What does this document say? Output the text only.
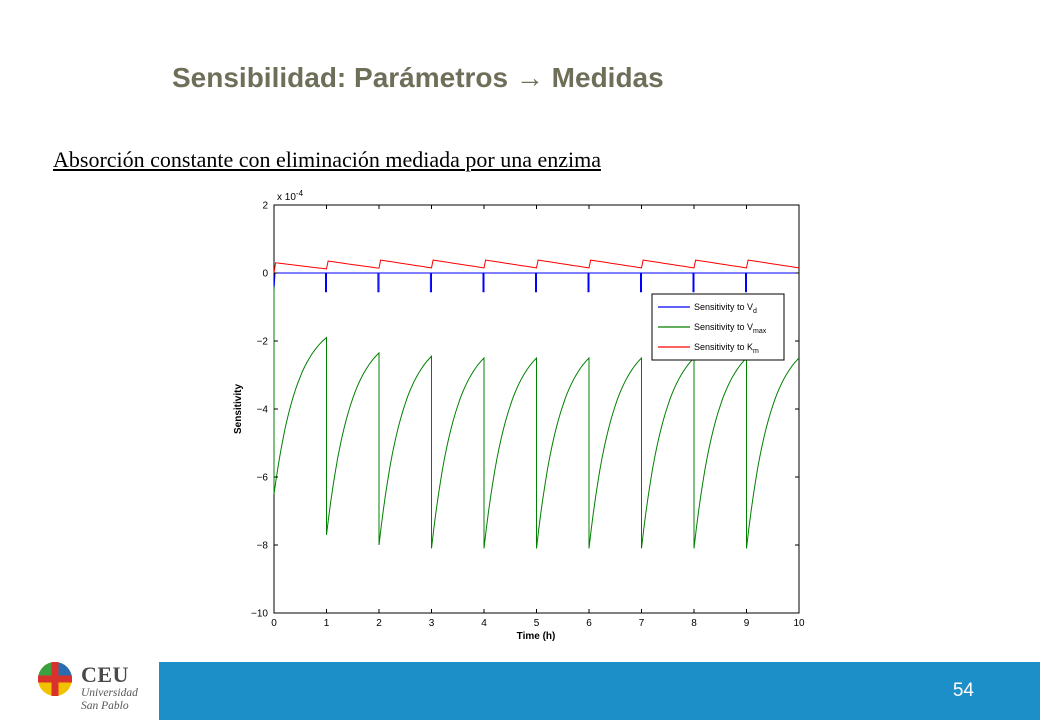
Sensibilidad: Parámetros → Medidas
Absorción constante con eliminación mediada por una enzima
0	1	2	3	4	5	6	7	8	9	10
2
0
−2
−4
−6
−8
−10
x $10^{-4}$
Time (h)
Sensitivity
Sensitivity to $V_d$
Sensitivity to $V_{max}$
Sensitivity to $K_m$
CEU
Universidad
San Pablo
54
